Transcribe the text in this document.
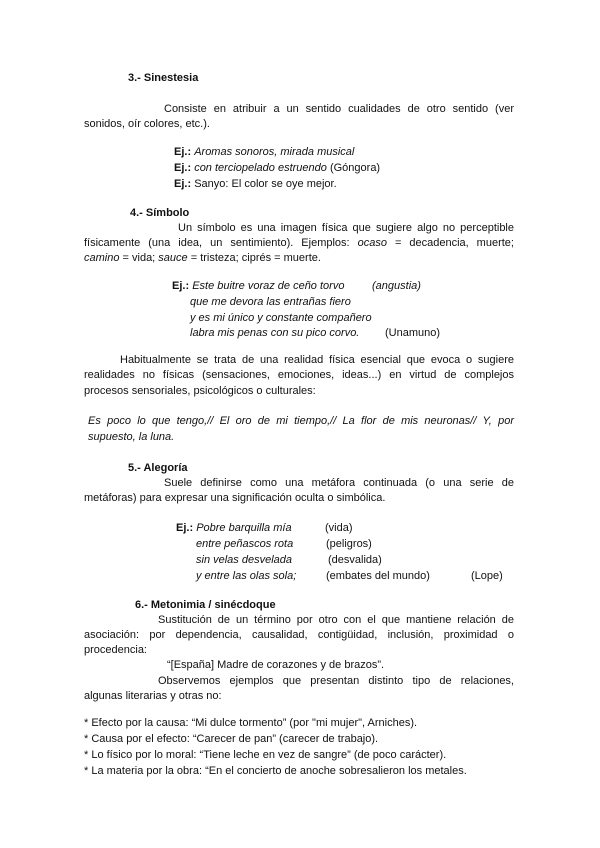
3.- Sinestesia
Consiste en atribuir a un sentido cualidades de otro sentido (ver
sonidos, oír colores, etc.).
Ej.: Aromas sonoros, mirada musical
Ej.: con terciopelado estruendo (Góngora)
Ej.: Sanyo: El color se oye mejor.
4.- Símbolo
Un símbolo es una imagen física que sugiere algo no perceptible
físicamente (una idea, un sentimiento). Ejemplos: ocaso = decadencia, muerte;
camino = vida; sauce = tristeza; ciprés = muerte.
Ej.: Este buitre voraz de ceño torvo	(angustia)
que me devora las entrañas fiero
y es mi único y constante compañero
labra mis penas con su pico corvo. (Unamuno)
Habitualmente se trata de una realidad física esencial que evoca o sugiere
realidades no físicas (sensaciones, emociones, ideas...) en virtud de complejos
procesos sensoriales, psicológicos o culturales:
Es poco lo que tengo,// El oro de mi tiempo,// La flor de mis neuronas// Y, por
supuesto, la luna.
5.- Alegoría
Suele definirse como una metáfora continuada (o una serie de
metáforas) para expresar una significación oculta o simbólica.
Ej.: Pobre barquilla mía	(vida)
entre peñascos rota	(peligros)
sin velas desvelada	(desvalida)
y entre las olas sola;	(embates del mundo)	(Lope)
6.- Metonimia / sinécdoque
Sustitución de un término por otro con el que mantiene relación de
asociación: por dependencia, causalidad, contigüidad, inclusión, proximidad o
procedencia:
“[España] Madre de corazones y de brazos”.
Observemos ejemplos que presentan distinto tipo de relaciones,
algunas literarias y otras no:
* Efecto por la causa: “Mi dulce tormento” (por "mi mujer", Arniches).
* Causa por el efecto: “Carecer de pan” (carecer de trabajo).
* Lo físico por lo moral: “Tiene leche en vez de sangre” (de poco carácter).
* La materia por la obra: “En el concierto de anoche sobresalieron los metales.
